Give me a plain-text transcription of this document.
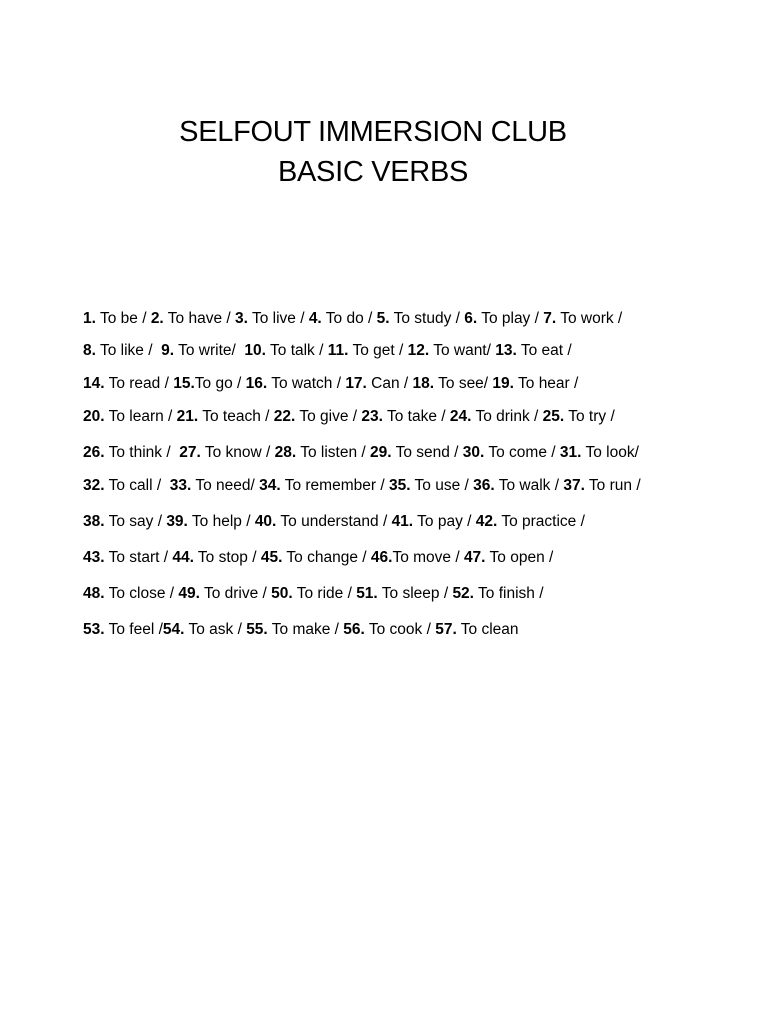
SELFOUT IMMERSION CLUB
BASIC VERBS
1. To be / 2. To have / 3. To live / 4. To do / 5. To study / 6. To play / 7. To work /
8. To like /  9. To write/  10. To talk / 11. To get / 12. To want/ 13. To eat /
14. To read / 15.To go / 16. To watch / 17. Can / 18. To see/ 19. To hear /
20. To learn / 21. To teach / 22. To give / 23. To take / 24. To drink / 25. To try /
26. To think /  27. To know / 28. To listen / 29. To send / 30. To come / 31. To look/
32. To call /  33. To need/ 34. To remember / 35. To use / 36. To walk / 37. To run /
38. To say / 39. To help / 40. To understand / 41. To pay / 42. To practice /
43. To start / 44. To stop / 45. To change / 46.To move / 47. To open /
48. To close / 49. To drive / 50. To ride / 51. To sleep / 52. To finish /
53. To feel /54. To ask / 55. To make / 56. To cook / 57. To clean
